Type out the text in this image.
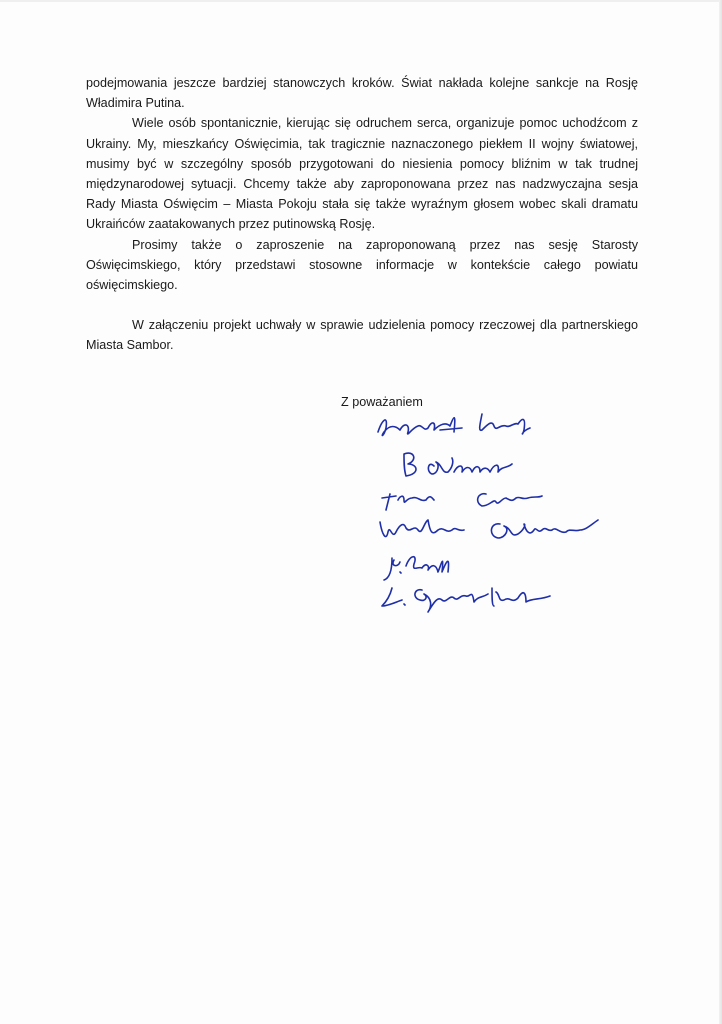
podejmowania jeszcze bardziej stanowczych kroków. Świat nakłada kolejne sankcje na Rosję Władimira Putina.

Wiele osób spontanicznie, kierując się odruchem serca, organizuje pomoc uchodźcom z Ukrainy. My, mieszkańcy Oświęcimia, tak tragicznie naznaczonego piekłem II wojny światowej, musimy być w szczególny sposób przygotowani do niesienia pomocy bliźnim w tak trudnej międzynarodowej sytuacji. Chcemy także aby zaproponowana przez nas nadzwyczajna sesja Rady Miasta Oświęcim – Miasta Pokoju stała się także wyraźnym głosem wobec skali dramatu Ukraińców zaatakowanych przez putinowską Rosję.

Prosimy także o zaproszenie na zaproponowaną przez nas sesję Starosty Oświęcimskiego, który przedstawi stosowne informacje w kontekście całego powiatu oświęcimskiego.

W załączeniu projekt uchwały w sprawie udzielenia pomocy rzeczowej dla partnerskiego Miasta Sambor.

Z poważaniem
